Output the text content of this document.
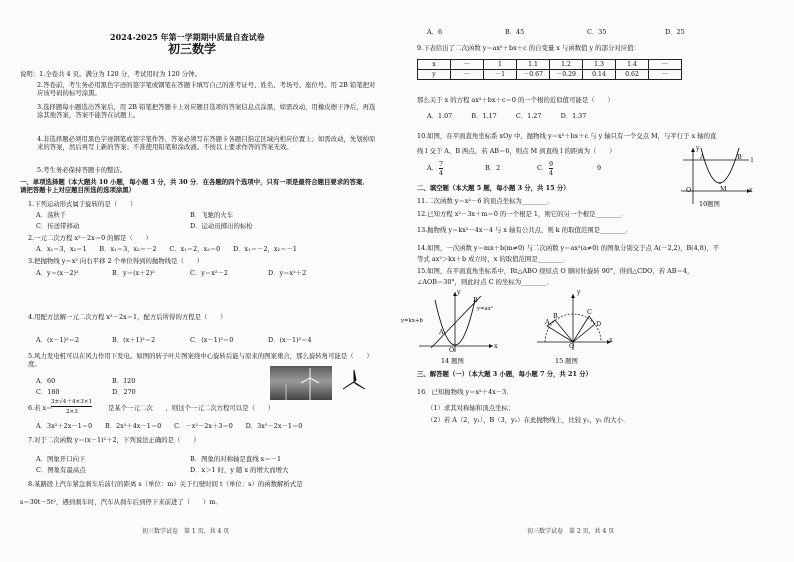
2024-2025 年第一学期期中质量自查试卷
初三数学
说明：1.全卷共 4 页。满分为 120 分，考试用时为 120 分钟。
2.答卷前，考生务必用黑色字迹的签字笔或钢笔在答题卡填写自己的准考证号、姓名、考场号、座位号。用 2B 铅笔把对应该号码的标号涂黑。
3.选择题每小题选出答案后，用 2B 铅笔把答题卡上对应题目选项的答案信息点涂黑，如需改动，用橡皮擦干净后，再选涂其他答案，答案不能答在试题上。
4.非选择题必须用黑色字迹钢笔或签字笔作答、答案必须写在答题卡各题目指定区域内相应位置上；如需改动，先划掉原来的答案，然后再写上新的答案；不准使用铅笔和涂改液。不按以上要求作答的答案无效。
5.考生务必保持答题卡的整洁。
一、单项选择题（本大题共 10 小题，每小题 3 分，共 30 分．在各题的四个选项中，只有一项是最符合题目要求的答案．请把答题卡上对应题目所选的选项涂黑）
1.下列运动形式属于旋转的是（　　）
A．荡秋千	B．飞驰的火车
C．传送带移动	D．运动员掷出的标枪
2.一元二次方程 x²－2x＝0 的解是（　　）
A．x₁＝3，x₂＝1　　B．x₁＝3，x₂＝－2　　C．x₁＝2，x₂＝0　　D．x₁＝－2，x₂＝－1
3.把抛物线 y＝x² 向右平移 2 个单位得到的抛物线是（　　）
A．y＝(x－2)²	B．y＝(x＋2)²	C．y＝x²－2	D．y＝x²＋2
4.用配方法解一元二次方程 x²－2x＝1，配方后所得的方程是（　　）
A．(x－1)²＝2	B．(x＋1)²＝2	C．(x－1)²＝0	D．(x－1)²＝4
5.风力发电机可以在风力作用下发电。如图的转子叶片图案绕中心旋转后能与原来的图案重合，那么旋转角可能是（　　）度。
A．60	B．120
C．180	D．270
6.若 x＝
3±√4＋4×3×1
2×3	是某个一元二次　　，则这个一元二次方程可以是（　　）
A．3x²＋2x－1＝0　　B．2x²＋4x－1＝0　　C．－x²－2x＋3＝0　　D．3x²－2x－1＝0
7.对于二次函数 y＝(x－1)²＋2，下列说法正确的是（　　）
A．图象开口向下	B．图象的对称轴是直线 x＝－1
C．图象有最高点	D．x＞1 时，y 随 x 的增大而增大
8.某路段上汽车紧急刹车后前行的距离 s（单位：m）关于行驶时间 t（单位：s）的函数解析式是
s＝30t－5t²，遇到刹车时，汽车从刹车后到停下来前进了（　　）m．
初三数学试卷　第 1 页，共 4 页
A．6	B．45	C．35	D．25
9.下表给出了二次函数 y＝ax²＋bx＋c 的自变量 x 与函数值 y 的部分对应值：
x	···	1	1.1	1.2	1.3	1.4	···
y	···	－1	－0.67	－0.29	0.14	0.62	···
那么关于 x 的方程 ax²＋bx＋c＝0 的一个根的近似值可能是（　　）
A．1.07　　　B．1.17　　　C．1.27　　　D．1.37
10.如图，在平面直角坐标系 xOy 中，抛物线 y＝x²＋bx＋c 与 y 轴只有一个交点 M，与平行于 x 轴的直
线 l 交于 A、B 两点，若 AB＝6，则点 M 到直线 l 的距离为（　　）
A． 7
4
B．2	C． 9
4
9
y
x
O	M
A	B l
10题图
二、填空题（本大题 5 题，每小题 3 分，共 15 分）
11.二次函数 y＝x²－6 的顶点坐标为________．
12.已知方程 x²－3x＋m＝0 的一个根是 1，则它的另一个根是________．
13.抛物线 y＝kx²－4x－4 与 x 轴有公共点，则 k 的取值范围是________．
14.如图，一次函数 y＝mx＋b(m≠0) 与二次函数 y＝ax²(a≠0) 的图象分别交于点 A(－2,2)，B(4,8)，不
等式 ax²＞kx＋b 成立时，x 的取值范围是________．
15.如图，在平面直角坐标系中，Rt△ABO 绕原点 O 顺时针旋转 90°，得到△CDO，若 AB＝4，
∠AOB＝30°，则此时点 C 的坐标为________．
y=kx+b
y=ax²
A
B
O	x
y
14 题图
A
B	C
D
O
x
y
15 题图
三、解答题（一）（本大题 3 小题，每小题 7 分，共 21 分）
16．已知抛物线 y＝x²＋4x－3．
（1）求其对称轴和顶点坐标；
（2）若 A（2，y₁）、B（3，y₂）在此抛物线上，比较 y₁，y₂ 的大小．
初三数学试卷　第 2 页，共 4 页
